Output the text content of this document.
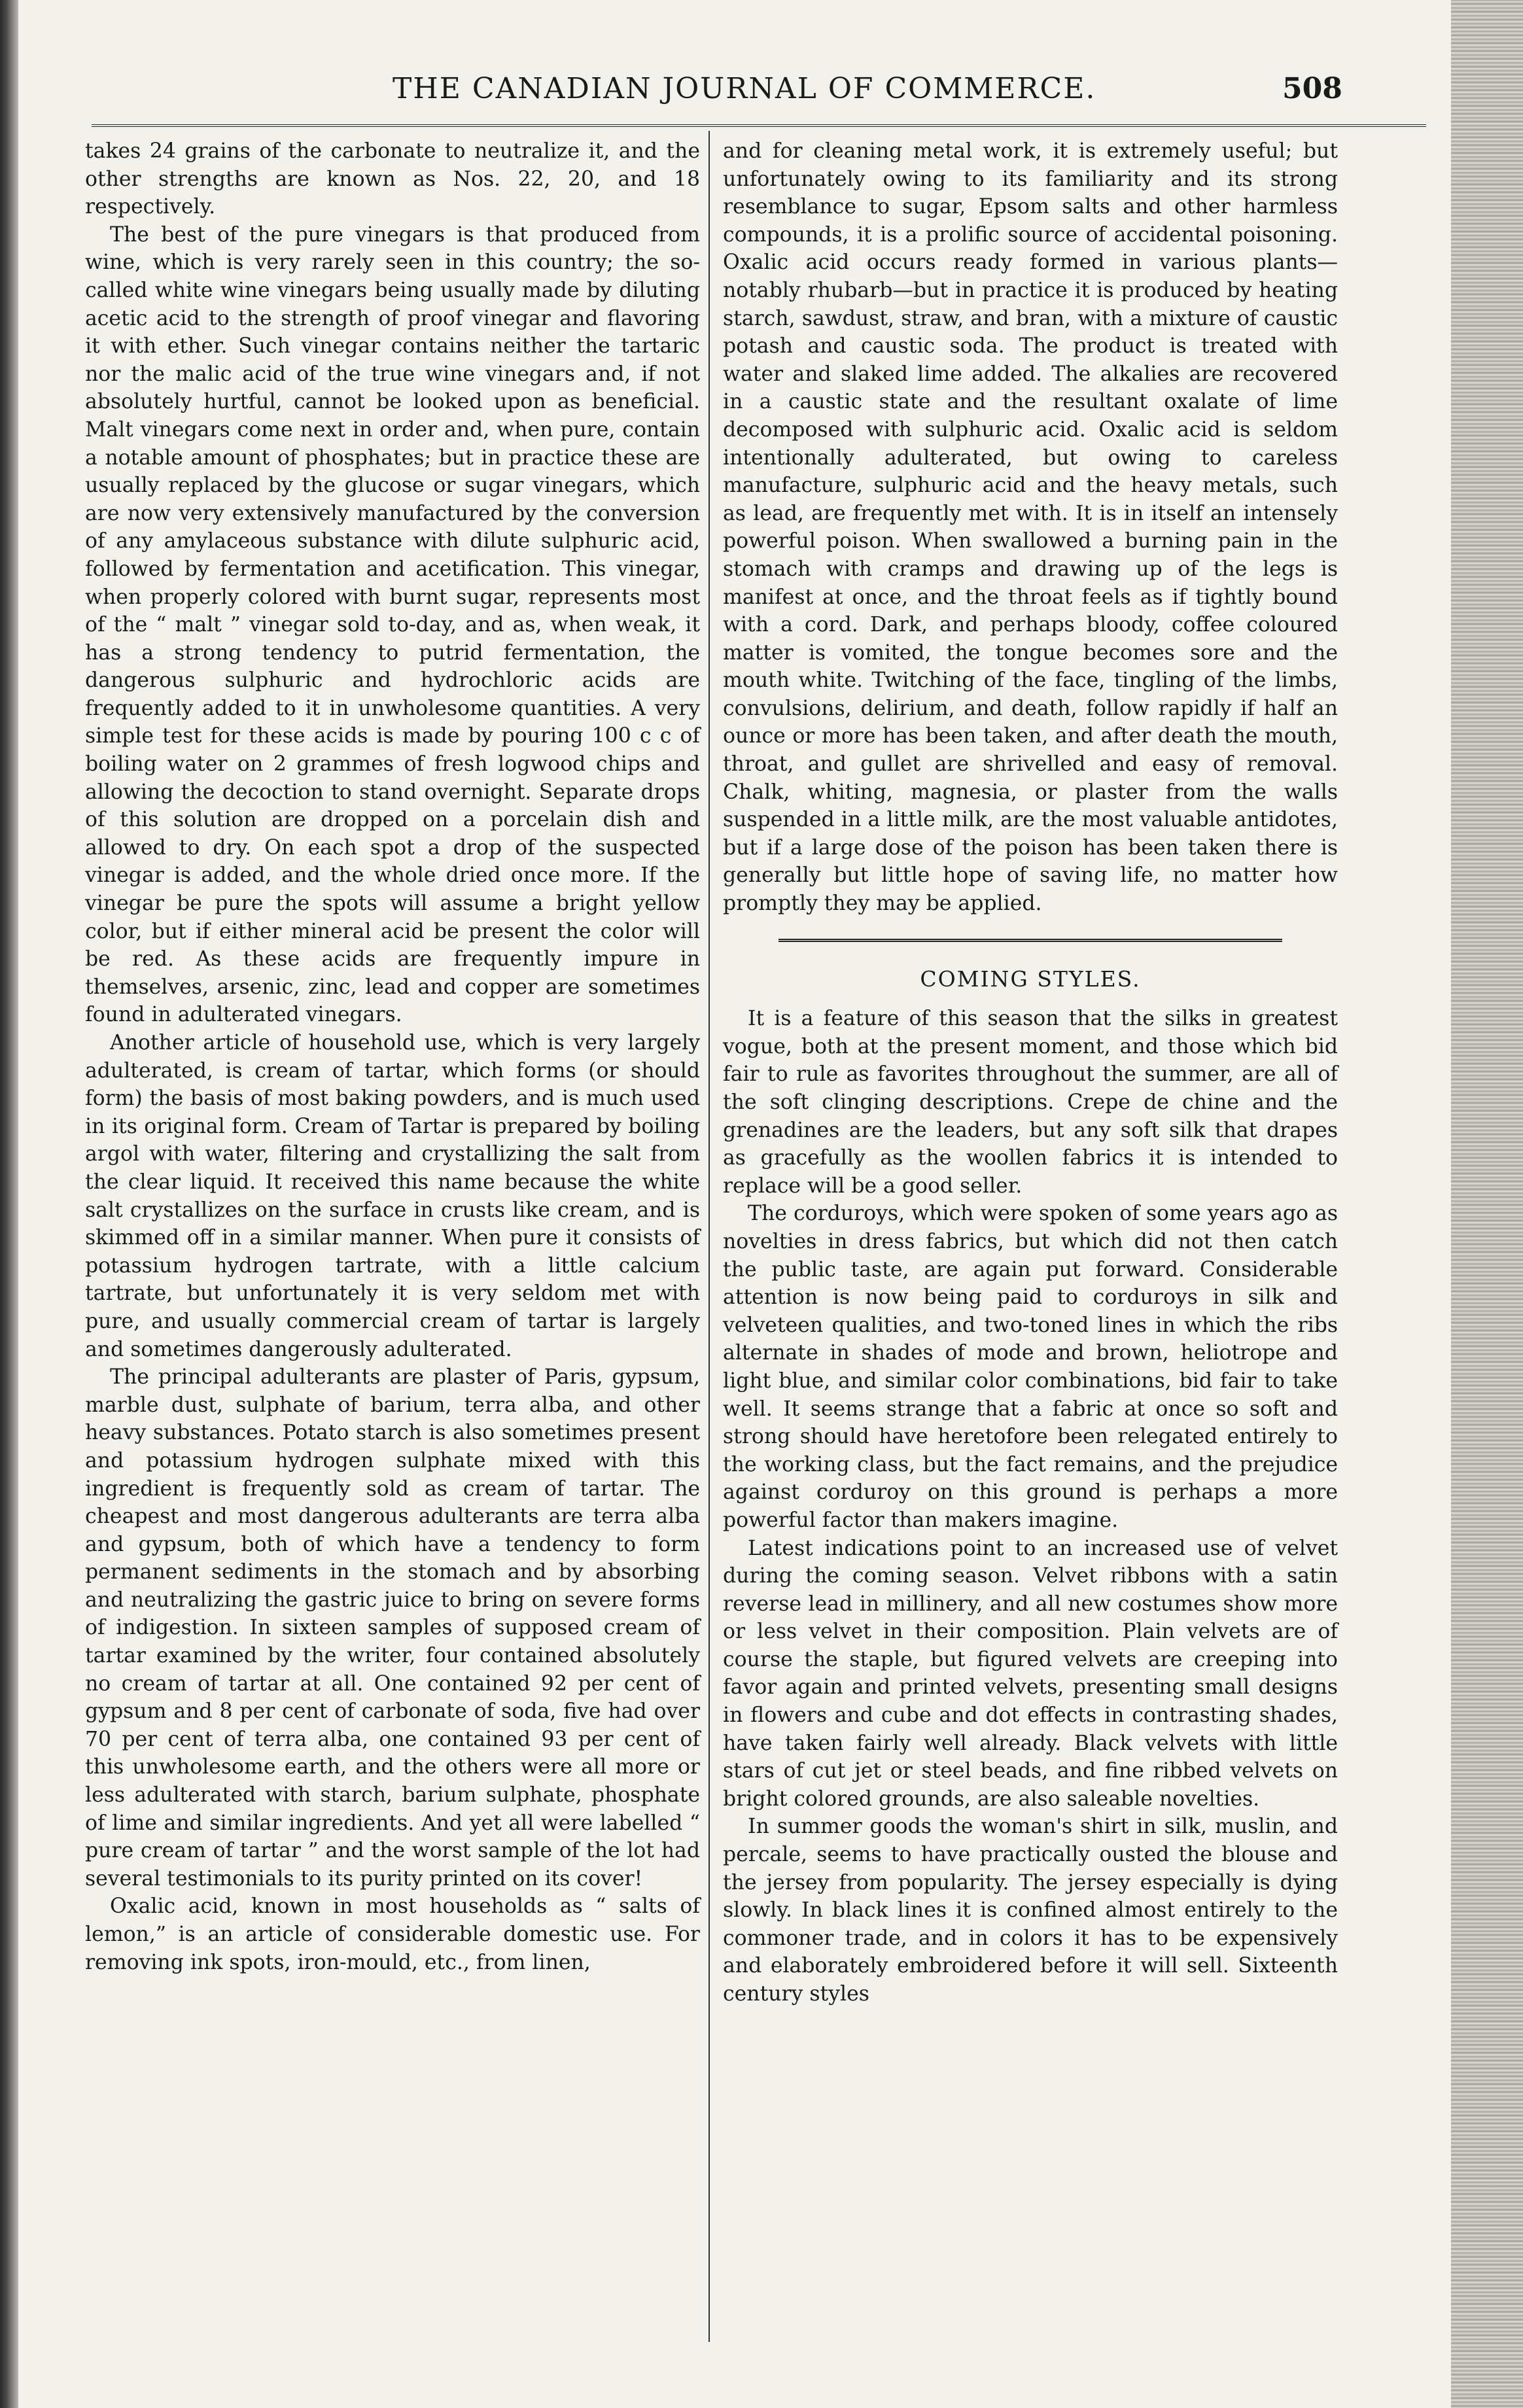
THE CANADIAN JOURNAL OF COMMERCE.	508

takes 24 grains of the carbonate to neutralize it, and the other strengths are known as Nos. 22, 20, and 18 respectively.

The best of the pure vinegars is that produced from wine, which is very rarely seen in this country; the so-called white wine vinegars being usually made by diluting acetic acid to the strength of proof vinegar and flavoring it with ether. Such vinegar contains neither the tartaric nor the malic acid of the true wine vinegars and, if not absolutely hurtful, cannot be looked upon as beneficial. Malt vinegars come next in order and, when pure, contain a notable amount of phosphates; but in practice these are usually replaced by the glucose or sugar vinegars, which are now very extensively manufactured by the conversion of any amylaceous substance with dilute sulphuric acid, followed by fermentation and acetification. This vinegar, when properly colored with burnt sugar, represents most of the “ malt ” vinegar sold to-day, and as, when weak, it has a strong tendency to putrid fermentation, the dangerous sulphuric and hydrochloric acids are frequently added to it in unwholesome quantities. A very simple test for these acids is made by pouring 100 c c of boiling water on 2 grammes of fresh logwood chips and allowing the decoction to stand overnight. Separate drops of this solution are dropped on a porcelain dish and allowed to dry. On each spot a drop of the suspected vinegar is added, and the whole dried once more. If the vinegar be pure the spots will assume a bright yellow color, but if either mineral acid be present the color will be red. As these acids are frequently impure in themselves, arsenic, zinc, lead and copper are sometimes found in adulterated vinegars.

Another article of household use, which is very largely adulterated, is cream of tartar, which forms (or should form) the basis of most baking powders, and is much used in its original form. Cream of Tartar is prepared by boiling argol with water, filtering and crystallizing the salt from the clear liquid. It received this name because the white salt crystallizes on the surface in crusts like cream, and is skimmed off in a similar manner. When pure it consists of potassium hydrogen tartrate, with a little calcium tartrate, but unfortunately it is very seldom met with pure, and usually commercial cream of tartar is largely and sometimes dangerously adulterated.

The principal adulterants are plaster of Paris, gypsum, marble dust, sulphate of barium, terra alba, and other heavy substances. Potato starch is also sometimes present and potassium hydrogen sulphate mixed with this ingredient is frequently sold as cream of tartar. The cheapest and most dangerous adulterants are terra alba and gypsum, both of which have a tendency to form permanent sediments in the stomach and by absorbing and neutralizing the gastric juice to bring on severe forms of indigestion. In sixteen samples of supposed cream of tartar examined by the writer, four contained absolutely no cream of tartar at all. One contained 92 per cent of gypsum and 8 per cent of carbonate of soda, five had over 70 per cent of terra alba, one contained 93 per cent of this unwholesome earth, and the others were all more or less adulterated with starch, barium sulphate, phosphate of lime and similar ingredients. And yet all were labelled “ pure cream of tartar ” and the worst sample of the lot had several testimonials to its purity printed on its cover!

Oxalic acid, known in most households as “ salts of lemon,” is an article of considerable domestic use. For removing ink spots, iron-mould, etc., from linen,

and for cleaning metal work, it is extremely useful; but unfortunately owing to its familiarity and its strong resemblance to sugar, Epsom salts and other harmless compounds, it is a prolific source of accidental poisoning. Oxalic acid occurs ready formed in various plants—notably rhubarb—but in practice it is produced by heating starch, sawdust, straw, and bran, with a mixture of caustic potash and caustic soda. The product is treated with water and slaked lime added. The alkalies are recovered in a caustic state and the resultant oxalate of lime decomposed with sulphuric acid. Oxalic acid is seldom intentionally adulterated, but owing to careless manufacture, sulphuric acid and the heavy metals, such as lead, are frequently met with. It is in itself an intensely powerful poison. When swallowed a burning pain in the stomach with cramps and drawing up of the legs is manifest at once, and the throat feels as if tightly bound with a cord. Dark, and perhaps bloody, coffee coloured matter is vomited, the tongue becomes sore and the mouth white. Twitching of the face, tingling of the limbs, convulsions, delirium, and death, follow rapidly if half an ounce or more has been taken, and after death the mouth, throat, and gullet are shrivelled and easy of removal. Chalk, whiting, magnesia, or plaster from the walls suspended in a little milk, are the most valuable antidotes, but if a large dose of the poison has been taken there is generally but little hope of saving life, no matter how promptly they may be applied.

COMING STYLES.

It is a feature of this season that the silks in greatest vogue, both at the present moment, and those which bid fair to rule as favorites throughout the summer, are all of the soft clinging descriptions. Crepe de chine and the grenadines are the leaders, but any soft silk that drapes as gracefully as the woollen fabrics it is intended to replace will be a good seller.

The corduroys, which were spoken of some years ago as novelties in dress fabrics, but which did not then catch the public taste, are again put forward. Considerable attention is now being paid to corduroys in silk and velveteen qualities, and two-toned lines in which the ribs alternate in shades of mode and brown, heliotrope and light blue, and similar color combinations, bid fair to take well. It seems strange that a fabric at once so soft and strong should have heretofore been relegated entirely to the working class, but the fact remains, and the prejudice against corduroy on this ground is perhaps a more powerful factor than makers imagine.

Latest indications point to an increased use of velvet during the coming season. Velvet ribbons with a satin reverse lead in millinery, and all new costumes show more or less velvet in their composition. Plain velvets are of course the staple, but figured velvets are creeping into favor again and printed velvets, presenting small designs in flowers and cube and dot effects in contrasting shades, have taken fairly well already. Black velvets with little stars of cut jet or steel beads, and fine ribbed velvets on bright colored grounds, are also saleable novelties.

In summer goods the woman's shirt in silk, muslin, and percale, seems to have practically ousted the blouse and the jersey from popularity. The jersey especially is dying slowly. In black lines it is confined almost entirely to the commoner trade, and in colors it has to be expensively and elaborately embroidered before it will sell. Sixteenth century styles
